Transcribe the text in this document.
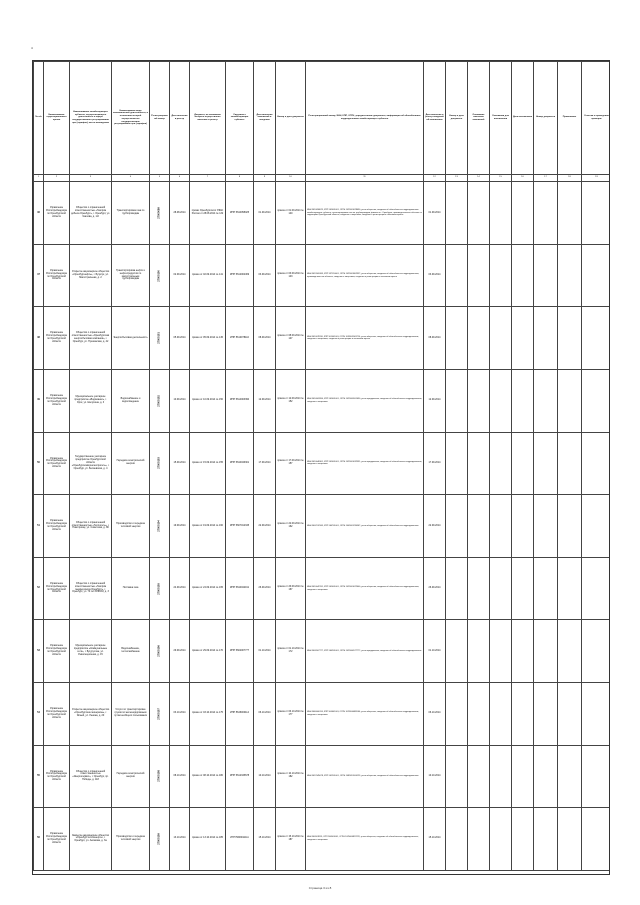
4
№ п/п	Наименование территориального органа	Наименование хозяйствующего субъекта, осуществляющего деятельность в сфере государственного регулирования цен (тарифов), место нахождения	Наименование вида экономической деятельности, в отношении которой осуществляется государственное регулирование цен (тарифов)	Регистрационный номер	Дата внесения в реестр	Документ, на основании которого осуществлено внесение в реестр	Сведения о хозяйствующем субъекте	Дата внесения изменений в сведения	Номер и дата документа	Регистрационный номер, ИНН, КПП, ОГРН, учредительные документы, информация об обособленных подразделениях хозяйствующего субъекта	Дата внесения в реестр сведений об изменениях	Номер и дата документа	Основание внесения изменений	Основания для исключения	Дата исключения	Номер документа	Примечание	Отметка о проведении проверок
1	2	3	4	5	6	7	8	9	10	11	12	13	14	15	16	17	18	19
46	Управление Роспотребнадзора по Оренбургской области	Общество с ограниченной ответственностью «Газпром добыча Оренбург», г. Оренбург, ул. Чкалова, д. 1/2	Транспортировка газа по трубопроводам	27000099	28.08.2014	приказ Оренбургского УФАС России от 28.08.2014 № 132	ИНН 5610058025	01.09.2014	приказ от 01.09.2014 № 140	ИНН 5610058025, КПП 561001001, ОГРН 1025601028630; устав общества; сведения об обособленных подразделениях хозяйствующего субъекта; транспортировка газа по трубопроводам; филиал в г. Оренбурге; производственные объекты на территории Оренбургской области; сведения о лицензиях; сведения о регистрации в налоговом органе	01.09.2014							
47	Управление Роспотребнадзора по Оренбургской области	Открытое акционерное общество «Оренбургнефть», г. Бузулук, ул. Магистральная, д. 2	Транспортировка нефти и нефтепродуктов по магистральным трубопроводам	27000100	02.09.2014	приказ от 02.09.2014 № 141	ИНН 5612002469	03.09.2014	приказ от 03.09.2014 № 143	ИНН 5612002469, КПП 997150001, ОГРН 1025601802357; устав общества; сведения об обособленных подразделениях; производственные объекты; сведения о лицензиях; сведения о регистрации в налоговом органе	03.09.2014							
48	Управление Роспотребнадзора по Оренбургской области	Общество с ограниченной ответственностью «Оренбургская энергосбытовая компания», г. Оренбург, ул. Пушкинская, д. 42	Энергосбытовая деятельность	27000101	05.09.2014	приказ от 05.09.2014 № 145	ИНН 5610078110	08.09.2014	приказ от 08.09.2014 № 147	ИНН 5610078110, КПП 561001001, ОГРН 1035605503710; устав общества; сведения об обособленных подразделениях; сведения о лицензиях; сведения о регистрации в налоговом органе	08.09.2014							
49	Управление Роспотребнадзора по Оренбургской области	Муниципальное унитарное предприятие «Водоканал», г. Орск, ул. Шелухина, д. 3	Водоснабжение и водоотведение	27000102	10.09.2014	приказ от 10.09.2014 № 150	ИНН 5614003390	12.09.2014	приказ от 12.09.2014 № 152	ИНН 5614003390, КПП 561401001, ОГРН 1025602001630; устав предприятия; сведения об обособленных подразделениях; сведения о лицензиях	12.09.2014							
50	Управление Роспотребнадзора по Оренбургской области	Государственное унитарное предприятие Оренбургской области «Оренбургкоммунэлектросеть», г. Оренбург, ул. Беляевская, д. 4	Передача электрической энергии	27000103	15.09.2014	приказ от 15.09.2014 № 155	ИНН 5610046301	17.09.2014	приказ от 17.09.2014 № 157	ИНН 5610046301, КПП 561001001, ОГРН 1025601032931; устав предприятия; сведения об обособленных подразделениях; сведения о лицензиях	17.09.2014							
51	Управление Роспотребнадзора по Оренбургской области	Общество с ограниченной ответственностью «Теплосеть», г. Новотроицк, ул. Советская, д. 80	Производство и передача тепловой энергии	27000104	19.09.2014	приказ от 19.09.2014 № 160	ИНН 5607012345	22.09.2014	приказ от 22.09.2014 № 162	ИНН 5607012345, КПП 560701001, ОГРН 1045601234567; устав общества; сведения об обособленных подразделениях	22.09.2014							
52	Управление Роспотребнадзора по Оренбургской области	Общество с ограниченной ответственностью «Газпром межрегионгаз Оренбург», г. Оренбург, ул. 70 лет ВЛКСМ, д. 3	Поставка газа	27000105	24.09.2014	приказ от 24.09.2014 № 165	ИНН 5610042191	26.09.2014	приказ от 26.09.2014 № 167	ИНН 5610042191, КПП 561001001, ОГРН 1025601022600; устав общества; сведения об обособленных подразделениях; сведения о лицензиях	26.09.2014							
53	Управление Роспотребнадзора по Оренбургской области	Муниципальное унитарное предприятие «Коммунальные сети», г. Бугуруслан, ул. Революционная, д. 15	Водоснабжение, теплоснабжение	27000106	29.09.2014	приказ от 29.09.2014 № 170	ИНН 5602007777	01.10.2014	приказ от 01.10.2014 № 172	ИНН 5602007777, КПП 560201001, ОГРН 1025600577777; устав предприятия; сведения об обособленных подразделениях	01.10.2014							
54	Управление Роспотребнадзора по Оренбургской области	Открытое акционерное общество «Оренбургские минералы», г. Ясный, ул. Ленина, д. 20	Услуги по транспортировке грузов по железнодорожным путям необщего пользования	27000107	03.10.2014	приказ от 03.10.2014 № 175	ИНН 5646000114	06.10.2014	приказ от 06.10.2014 № 177	ИНН 5646000114, КПП 564601001, ОГРН 1025600682060; устав общества; сведения об обособленных подразделениях; сведения о лицензиях	06.10.2014							
55	Управление Роспотребнадзора по Оренбургской области	Общество с ограниченной ответственностью «Энергосервис», г. Оренбург, пр. Победы, д. 118	Передача электрической энергии	27000108	08.10.2014	приказ от 08.10.2014 № 180	ИНН 5612345678	10.10.2014	приказ от 10.10.2014 № 182	ИНН 5612345678, КПП 561201001, ОГРН 1085612000123; устав общества; сведения об обособленных подразделениях	10.10.2014							
56	Управление Роспотребнадзора по Оренбургской области	Закрытое акционерное общество «Оренбургтеплоэнерго», г. Оренбург, ул. Аксакова, д. 3а	Производство и передача тепловой энергии	27000109	13.10.2014	приказ от 13.10.2014 № 185	ИНН 5609011111	15.10.2014	приказ от 15.10.2014 № 187	ИНН 5609011111, КПП 560901001, ОГРН 1025600822222; устав общества; сведения об обособленных подразделениях; сведения о лицензиях	15.10.2014							
Страница 3 из 8
